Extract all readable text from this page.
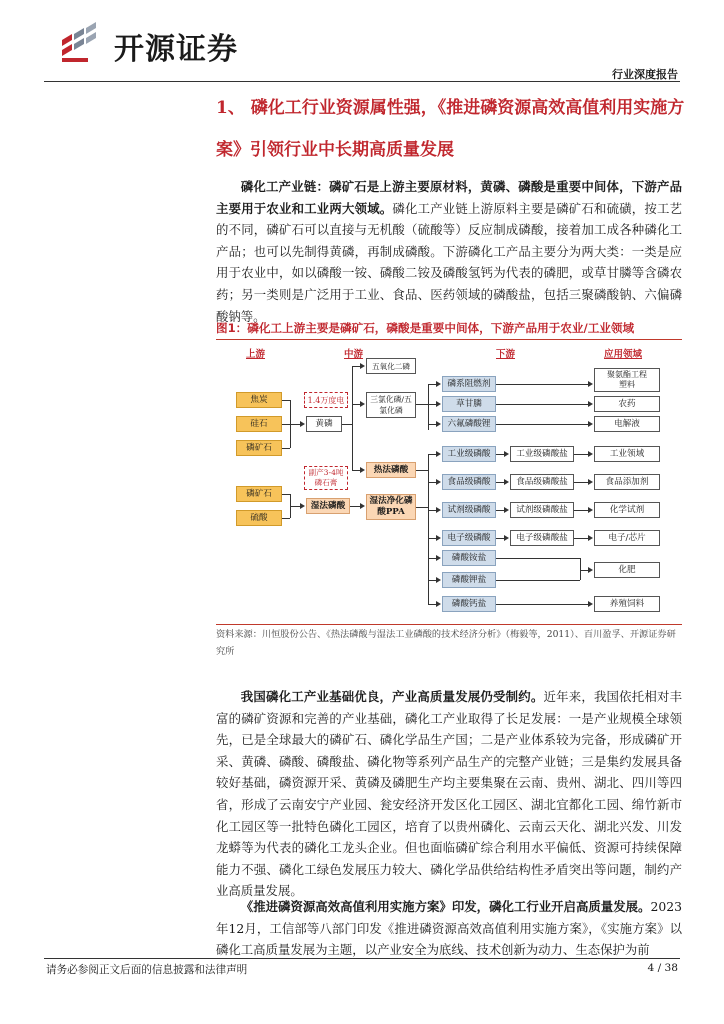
开源证券
行业深度报告
1、 磷化工行业资源属性强，《推进磷资源高效高值利用实施方
案》引领行业中长期高质量发展
磷化工产业链：磷矿石是上游主要原材料，黄磷、磷酸是重要中间体，下游产品主要用于农业和工业两大领域。磷化工产业链上游原料主要是磷矿石和硫磺，按工艺的不同，磷矿石可以直接与无机酸（硫酸等）反应制成磷酸，接着加工成各种磷化工产品；也可以先制得黄磷，再制成磷酸。下游磷化工产品主要分为两大类：一类是应用于农业中，如以磷酸一铵、磷酸二铵及磷酸氢钙为代表的磷肥，或草甘膦等含磷农药；另一类则是广泛用于工业、食品、医药领域的磷酸盐，包括三聚磷酸钠、六偏磷酸钠等。
图1：磷化工上游主要是磷矿石，磷酸是重要中间体，下游产品用于农业/工业领域
上游	中游	下游	应用领域
焦炭
硅石
磷矿石
磷矿石
硫酸
黄磷
1.4万度电
五氧化二磷
三氯化磷/五氯化磷
热法磷酸
副产3-4吨磷石膏
湿法磷酸	湿法净化磷酸PPA
磷系阻燃剂
草甘膦
六氟磷酸锂
工业级磷酸
食品级磷酸
试剂级磷酸
电子级磷酸
磷酸铵盐
磷酸钾盐
磷酸钙盐
工业级磷酸盐
食品级磷酸盐
试剂级磷酸盐
电子级磷酸盐
聚氨酯工程塑料
农药
电解液
工业领域
食品添加剂
化学试剂
电子/芯片
化肥
养殖饲料
资料来源：川恒股份公告、《热法磷酸与湿法工业磷酸的技术经济分析》（梅毅等，2011）、百川盈孚、开源证券研究所
我国磷化工产业基础优良，产业高质量发展仍受制约。近年来，我国依托相对丰富的磷矿资源和完善的产业基础，磷化工产业取得了长足发展：一是产业规模全球领先，已是全球最大的磷矿石、磷化学品生产国；二是产业体系较为完备，形成磷矿开采、黄磷、磷酸、磷酸盐、磷化物等系列产品生产的完整产业链；三是集约发展具备较好基础，磷资源开采、黄磷及磷肥生产均主要集聚在云南、贵州、湖北、四川等四省，形成了云南安宁产业园、瓮安经济开发区化工园区、湖北宜都化工园、绵竹新市化工园区等一批特色磷化工园区，培育了以贵州磷化、云南云天化、湖北兴发、川发龙蟒等为代表的磷化工龙头企业。但也面临磷矿综合利用水平偏低、资源可持续保障能力不强、磷化工绿色发展压力较大、磷化学品供给结构性矛盾突出等问题，制约产业高质量发展。
《推进磷资源高效高值利用实施方案》印发，磷化工行业开启高质量发展。2023年12月，工信部等八部门印发《推进磷资源高效高值利用实施方案》，《实施方案》以磷化工高质量发展为主题，以产业安全为底线、技术创新为动力、生态保护为前
请务必参阅正文后面的信息披露和法律声明	4 / 38
